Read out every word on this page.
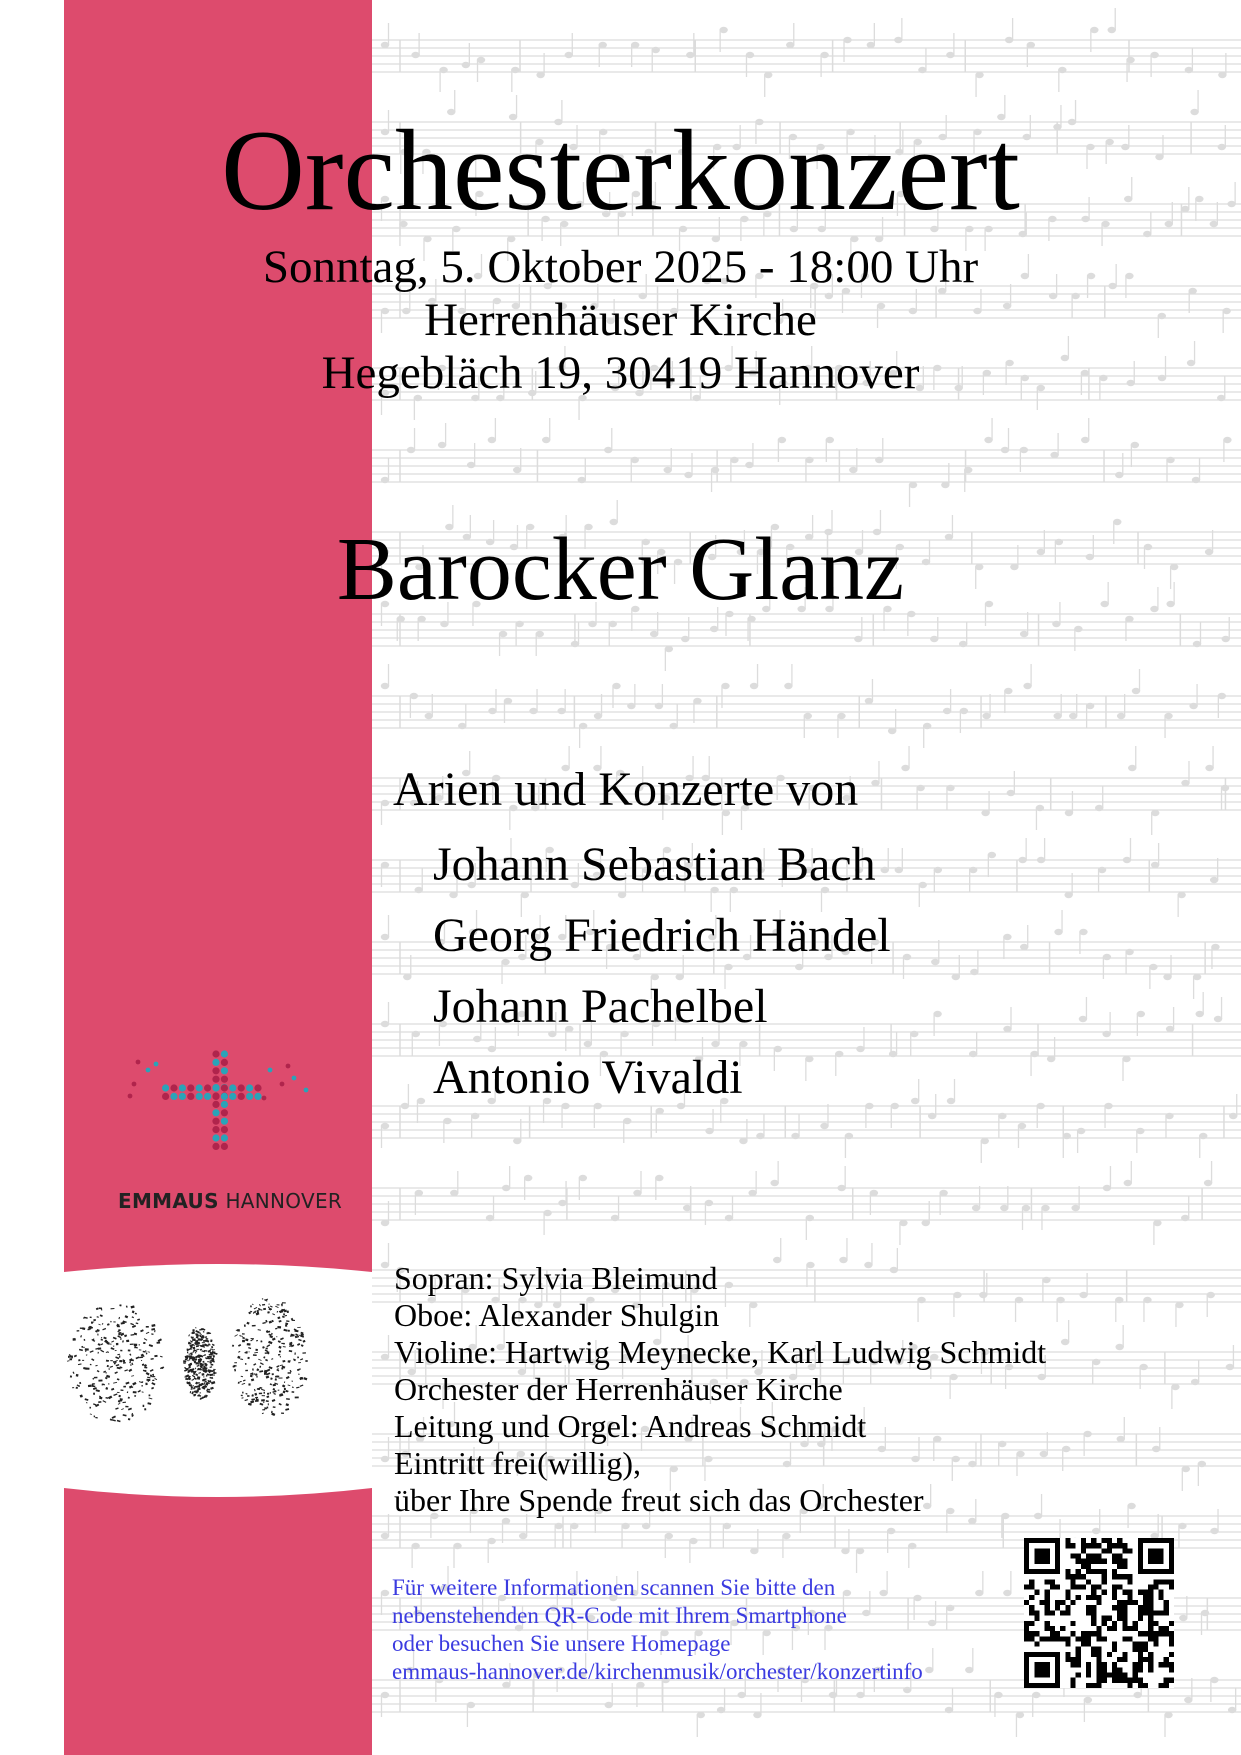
EMMAUS HANNOVER
Orchesterkonzert
Sonntag, 5. Oktober 2025 - 18:00 Uhr
Herrenhäuser Kirche
Hegebläch 19, 30419 Hannover
Barocker Glanz
Arien und Konzerte von
Johann Sebastian Bach
Georg Friedrich Händel
Johann Pachelbel
Antonio Vivaldi
Sopran: Sylvia Bleimund
Oboe: Alexander Shulgin
Violine: Hartwig Meynecke, Karl Ludwig Schmidt
Orchester der Herrenhäuser Kirche
Leitung und Orgel: Andreas Schmidt
Eintritt frei(willig),
über Ihre Spende freut sich das Orchester
Für weitere Informationen scannen Sie bitte den
nebenstehenden QR-Code mit Ihrem Smartphone
oder besuchen Sie unsere Homepage
emmaus-hannover.de/kirchenmusik/orchester/konzertinfo
